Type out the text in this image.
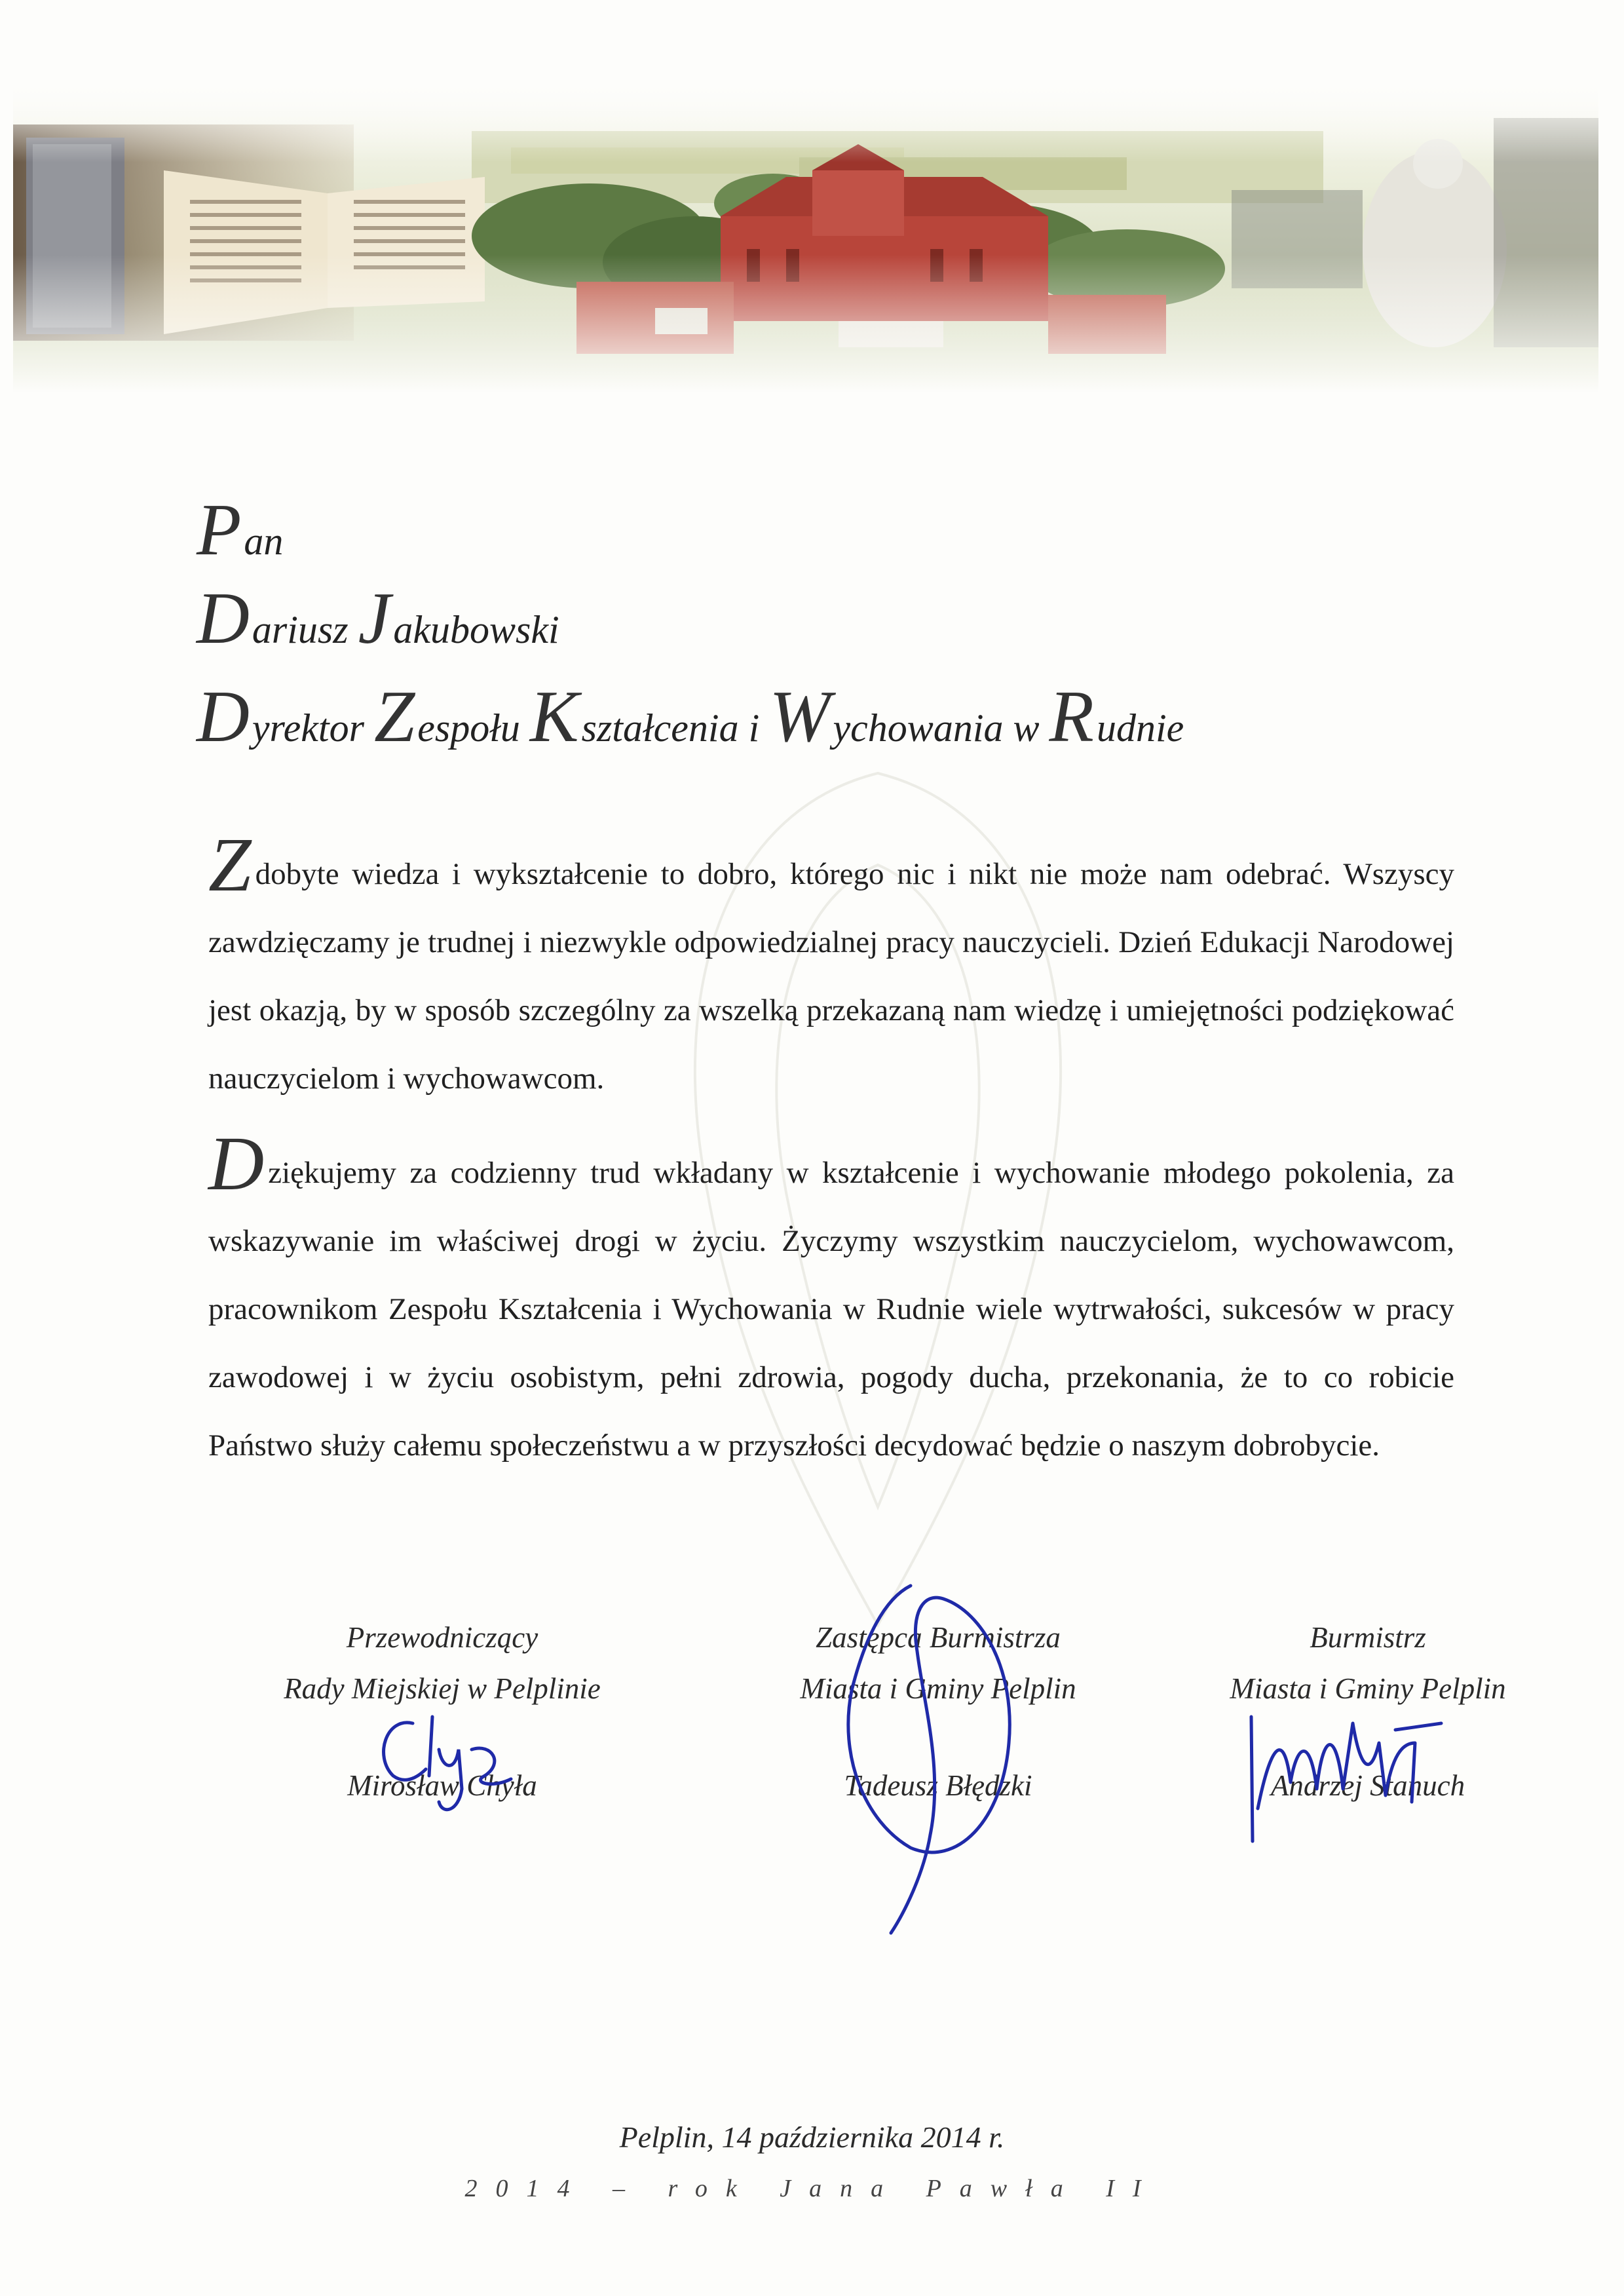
Pan
Dariusz Jakubowski
Dyrektor Zespołu Kształcenia i Wychowania w Rudnie
Zdobyte wiedza i wykształcenie to dobro, którego nic i nikt nie może nam odebrać. Wszyscy zawdzięczamy je trudnej i niezwykle odpowiedzialnej pracy nauczycieli. Dzień Edukacji Narodowej jest okazją, by w sposób szczególny za wszelką przekazaną nam wiedzę i umiejętności podziękować nauczycielom i wychowawcom.
Dziękujemy za codzienny trud wkładany w kształcenie i wychowanie młodego pokolenia, za wskazywanie im właściwej drogi w życiu. Życzymy wszystkim nauczycielom, wychowawcom, pracownikom Zespołu Kształcenia i Wychowania w Rudnie wiele wytrwałości, sukcesów w pracy zawodowej i w życiu osobistym, pełni zdrowia, pogody ducha, przekonania, że to co robicie Państwo służy całemu społeczeństwu a w przyszłości decydować będzie o naszym dobrobycie.
Przewodniczący
Rady Miejskiej w Pelplinie
Mirosław Chyła
Zastępca Burmistrza
Miasta i Gminy Pelplin
Tadeusz Błędzki
Burmistrz
Miasta i Gminy Pelplin
Andrzej Stanuch
Pelplin, 14 października 2014 r.
2014 – rok Jana Pawła II
